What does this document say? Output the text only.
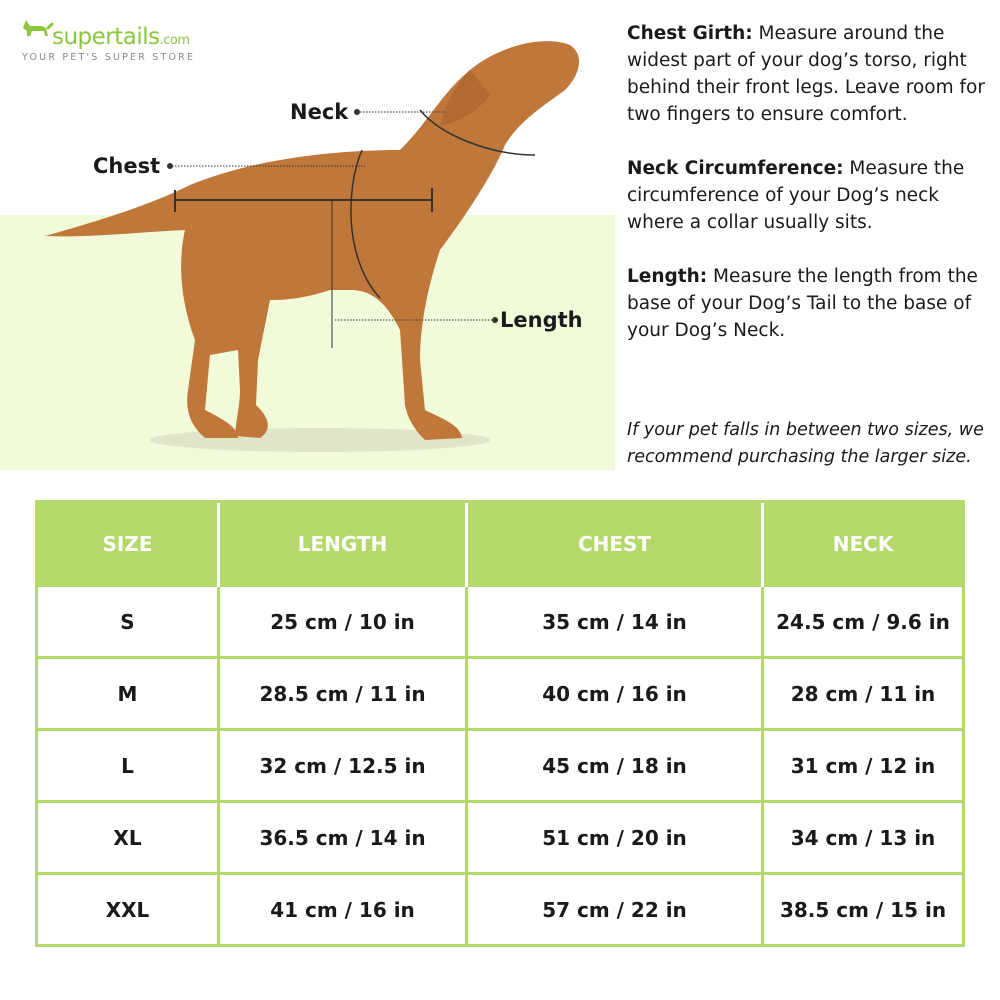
supertails.com
YOUR PET'S SUPER STORE
Neck
Chest
Length

Chest Girth: Measure around the widest part of your dog’s torso, right behind their front legs. Leave room for two fingers to ensure comfort.

Neck Circumference: Measure the circumference of your Dog’s neck where a collar usually sits.

Length: Measure the length from the base of your Dog’s Tail to the base of your Dog’s Neck.

If your pet falls in between two sizes, we recommend purchasing the larger size.
SIZE	LENGTH	CHEST	NECK
S	25 cm / 10 in	35 cm / 14 in	24.5 cm / 9.6 in
M	28.5 cm / 11 in	40 cm / 16 in	28 cm / 11 in
L	32 cm / 12.5 in	45 cm / 18 in	31 cm / 12 in
XL	36.5 cm / 14 in	51 cm / 20 in	34 cm / 13 in
XXL	41 cm / 16 in	57 cm / 22 in	38.5 cm / 15 in
